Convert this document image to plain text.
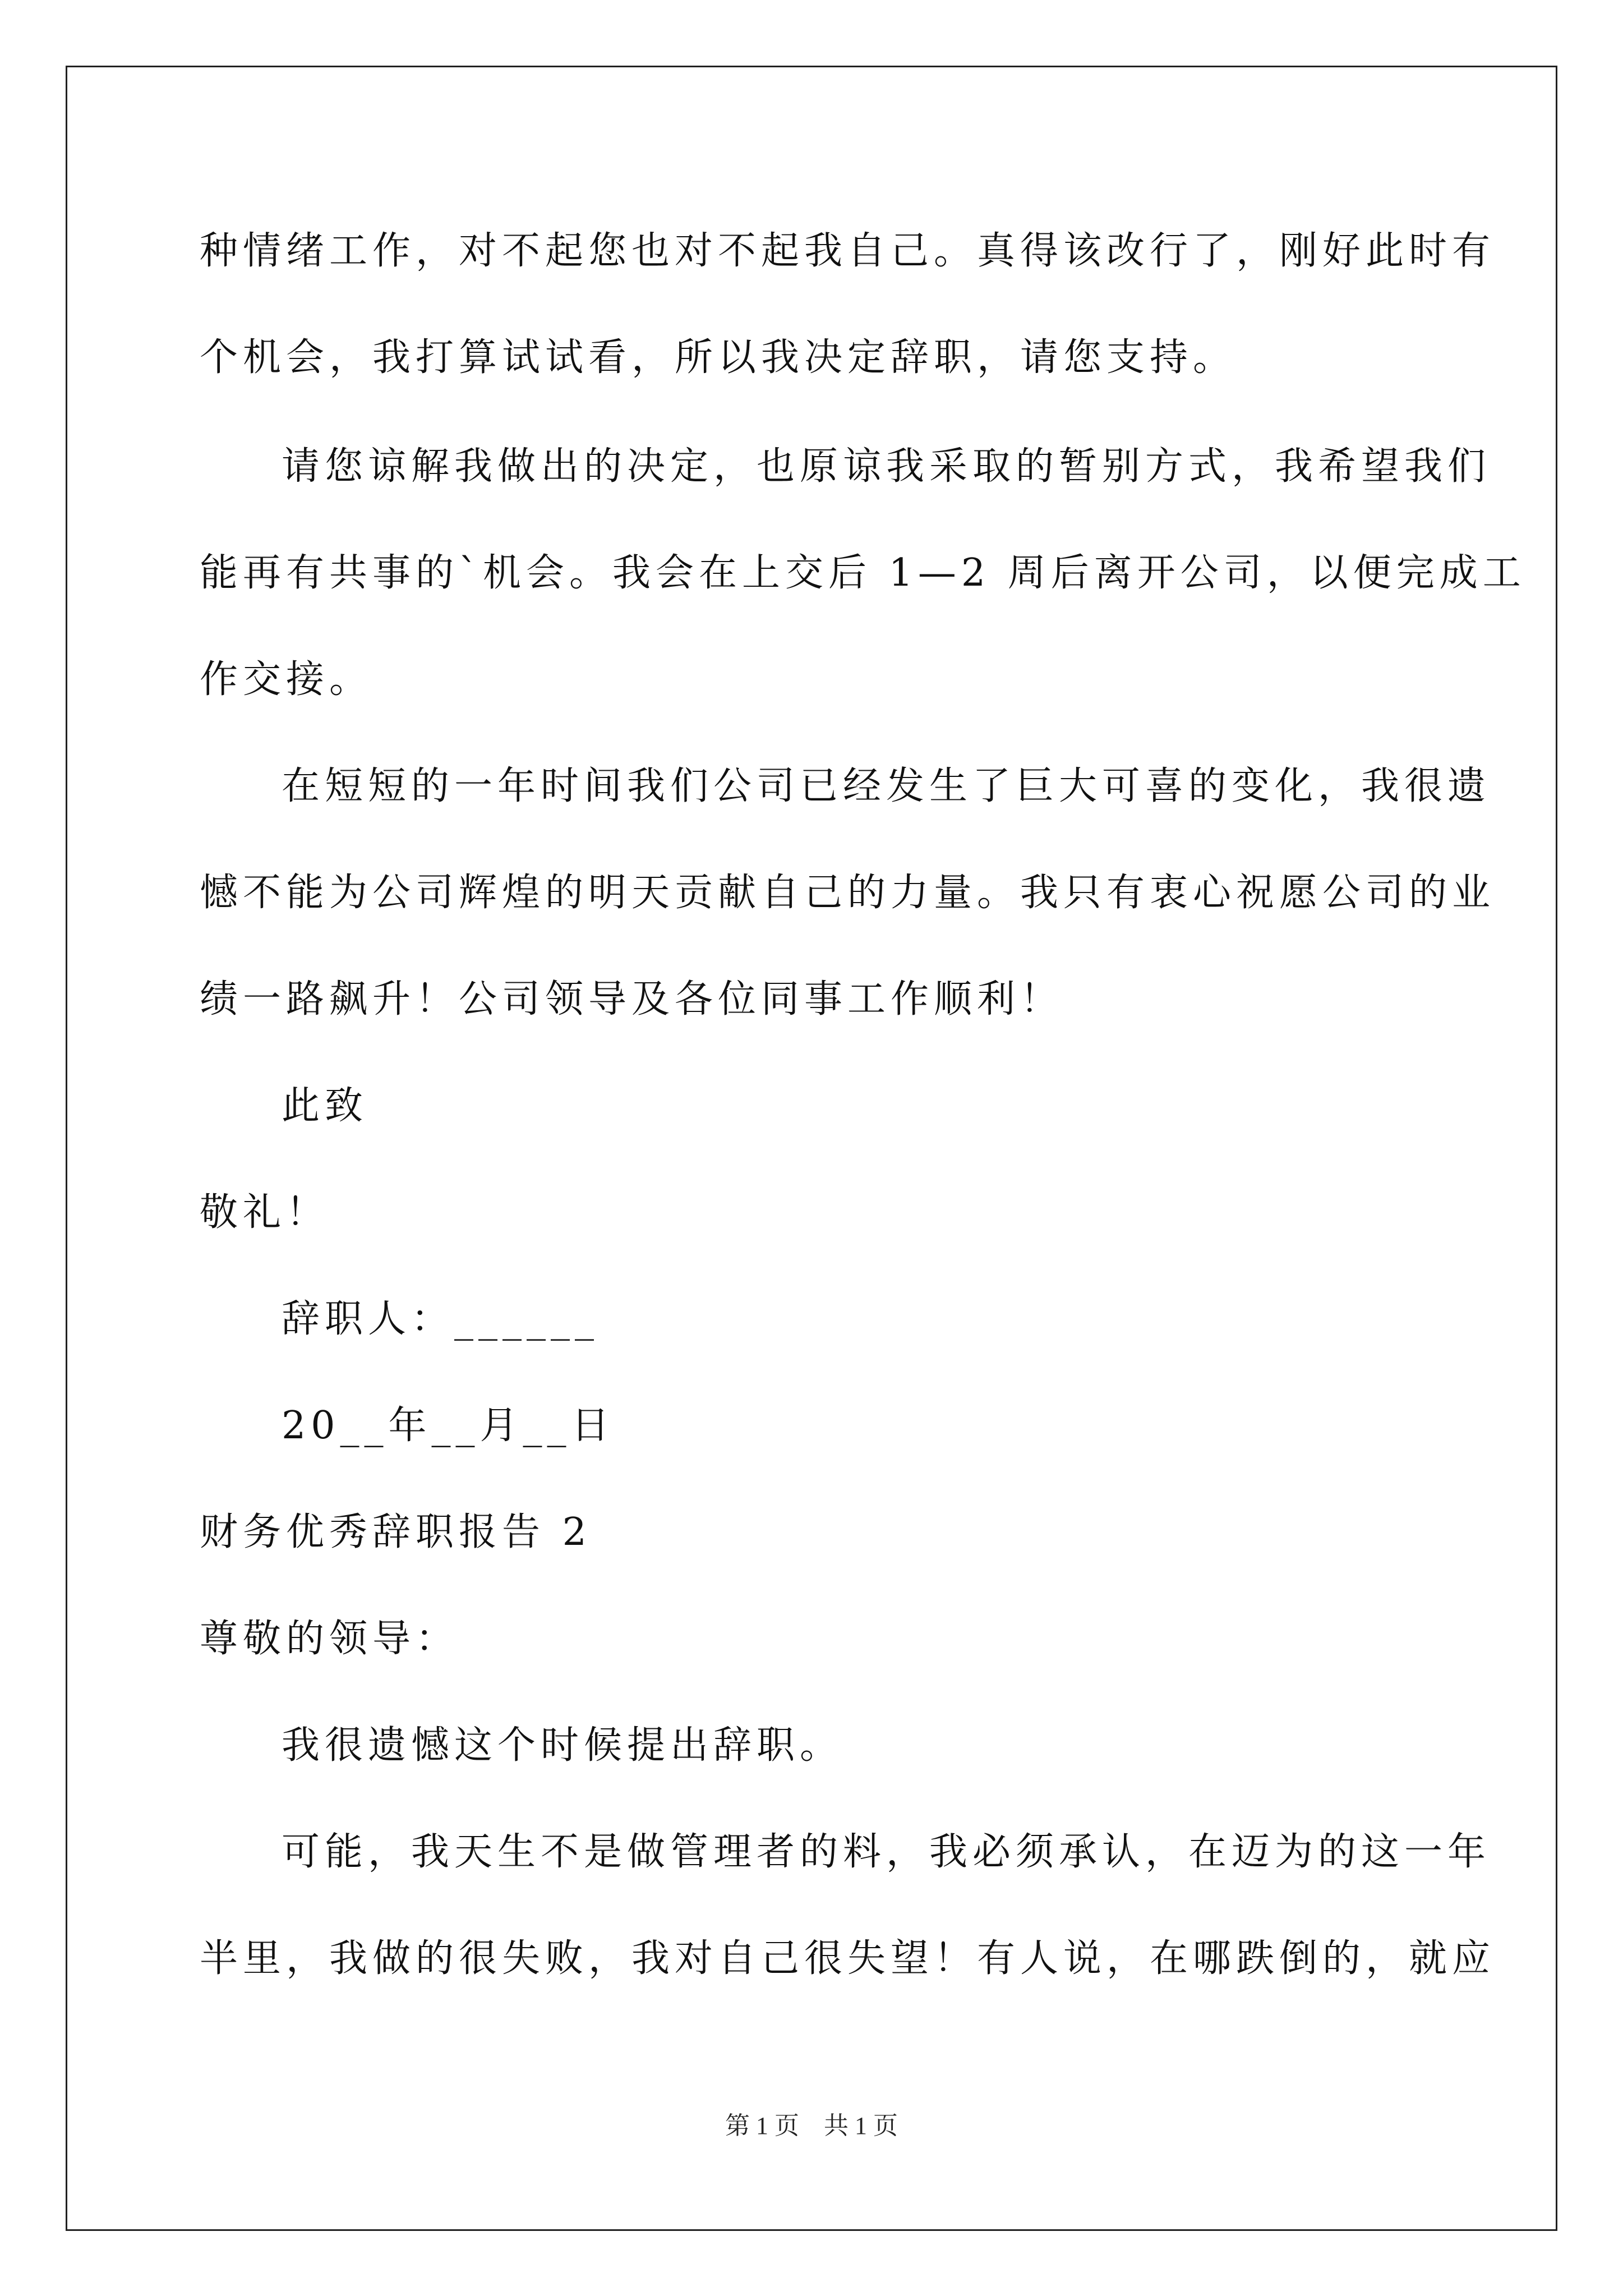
种情绪工作，对不起您也对不起我自己。真得该改行了，刚好此时有
个机会，我打算试试看，所以我决定辞职，请您支持。
请您谅解我做出的决定，也原谅我采取的暂别方式，我希望我们
能再有共事的`机会。我会在上交后 1—2 周后离开公司，以便完成工
作交接。
在短短的一年时间我们公司已经发生了巨大可喜的变化，我很遗
憾不能为公司辉煌的明天贡献自己的力量。我只有衷心祝愿公司的业
绩一路飙升！公司领导及各位同事工作顺利！
此致
敬礼！
辞职人：______
20__年__月__日
财务优秀辞职报告 2
尊敬的领导：
我很遗憾这个时候提出辞职。
可能，我天生不是做管理者的料，我必须承认，在迈为的这一年
半里，我做的很失败，我对自己很失望！有人说，在哪跌倒的，就应
第 1 页　共 1 页
